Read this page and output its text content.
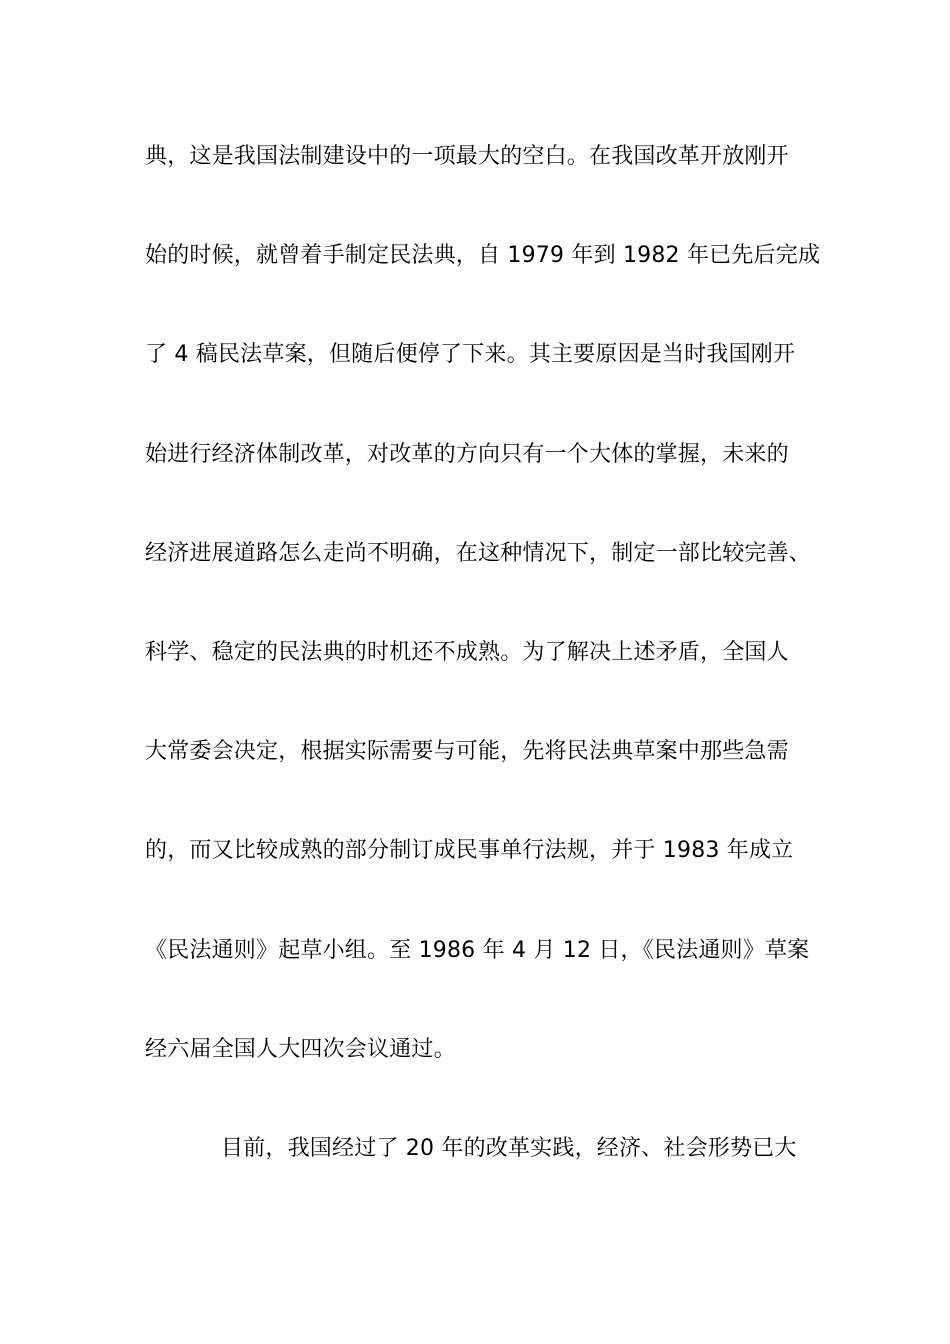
典，这是我国法制建设中的一项最大的空白。在我国改革开放刚开
始的时候，就曾着手制定民法典，自 1979 年到 1982 年已先后完成
了 4 稿民法草案，但随后便停了下来。其主要原因是当时我国刚开
始进行经济体制改革，对改革的方向只有一个大体的掌握，未来的
经济进展道路怎么走尚不明确，在这种情况下，制定一部比较完善、
科学、稳定的民法典的时机还不成熟。为了解决上述矛盾，全国人
大常委会决定，根据实际需要与可能，先将民法典草案中那些急需
的，而又比较成熟的部分制订成民事单行法规，并于 1983 年成立
《民法通则》起草小组。至 1986 年 4 月 12 日，《民法通则》草案
经六届全国人大四次会议通过。
目前，我国经过了 20 年的改革实践，经济、社会形势已大
